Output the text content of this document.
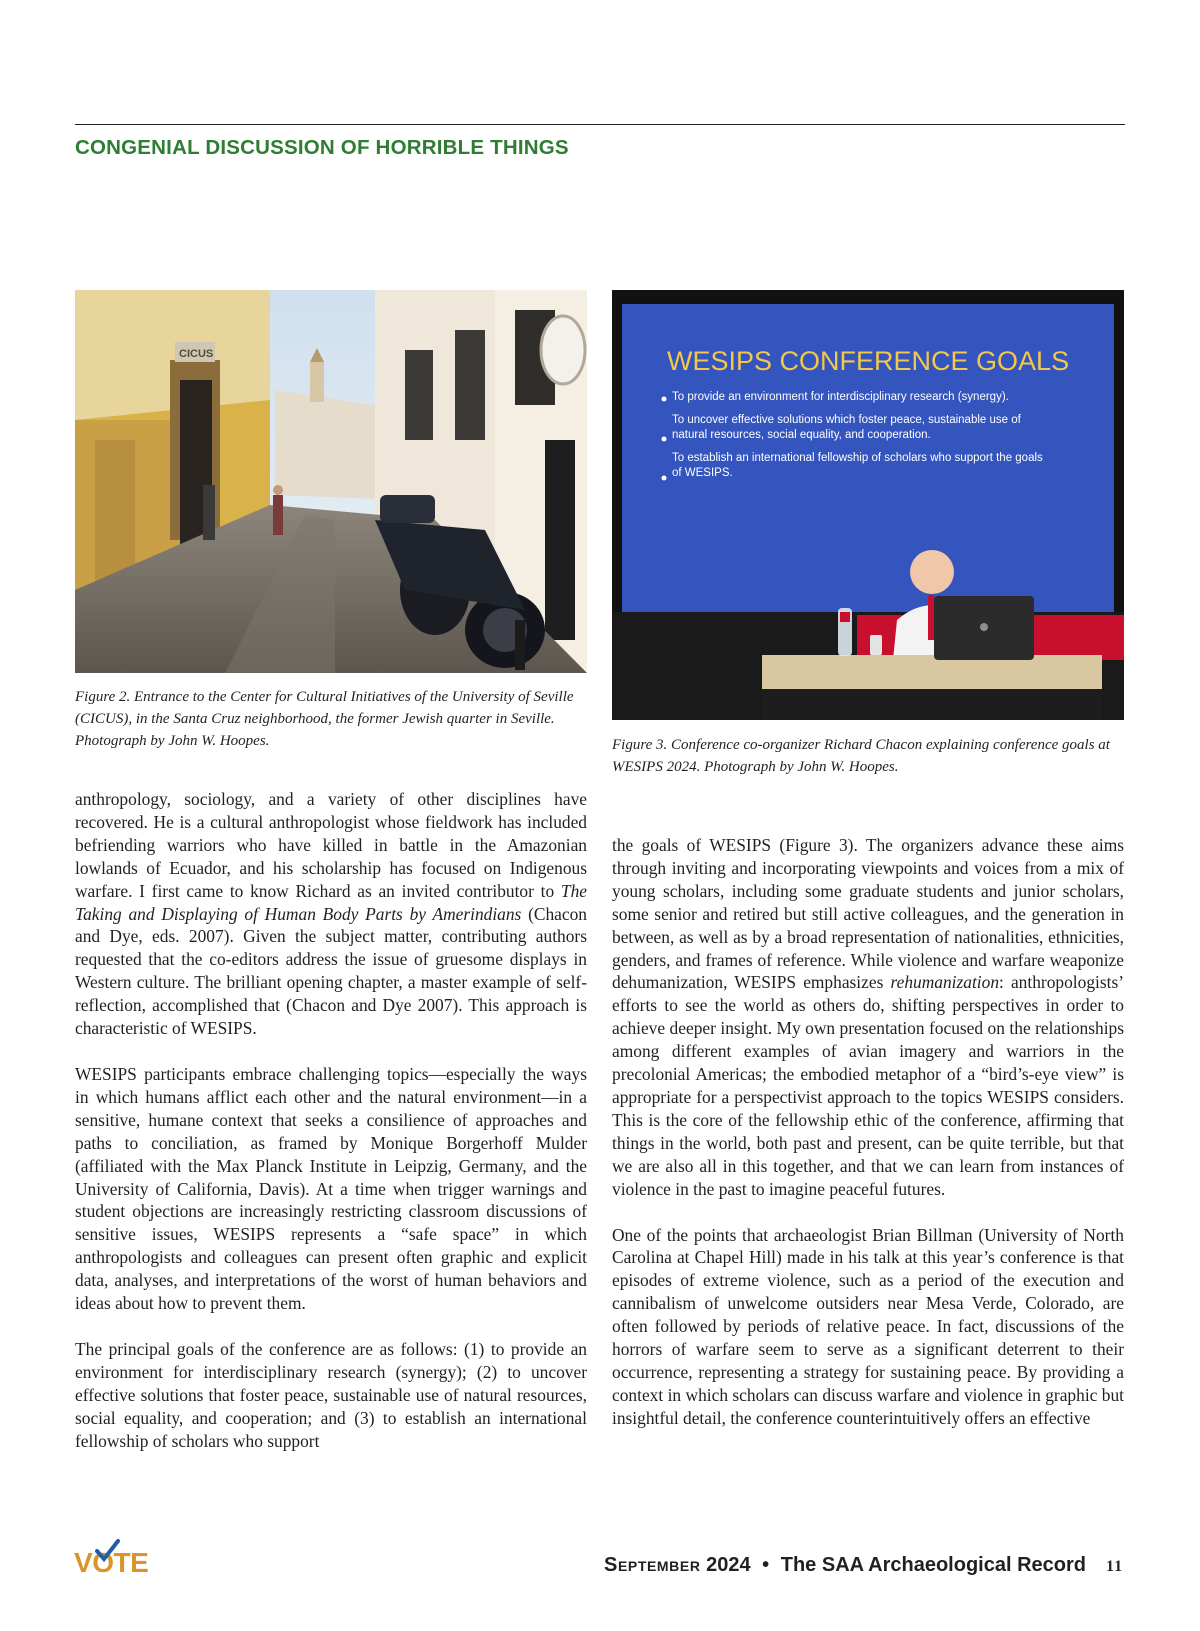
CONGENIAL DISCUSSION OF HORRIBLE THINGS
CICUS
Figure 2. Entrance to the Center for Cultural Initiatives of the University of Seville (CICUS), in the Santa Cruz neighborhood, the former Jewish quarter in Seville. Photograph by John W. Hoopes.
WESIPS CONFERENCE GOALS
To provide an environment for interdisciplinary research (synergy).
To uncover effective solutions which foster peace, sustainable use of natural resources, social equality, and cooperation.
To establish an international fellowship of scholars who support the goals of WESIPS.
Figure 3. Conference co-organizer Richard Chacon explaining conference goals at WESIPS 2024. Photograph by John W. Hoopes.

anthropology, sociology, and a variety of other disciplines have recovered. He is a cultural anthropologist whose fieldwork has included befriending warriors who have killed in battle in the Amazonian lowlands of Ecuador, and his scholarship has focused on Indigenous warfare. I first came to know Richard as an invited contributor to The Taking and Displaying of Human Body Parts by Amerindians (Chacon and Dye, eds. 2007). Given the subject matter, contributing authors requested that the co-editors address the issue of gruesome displays in Western culture. The brilliant opening chapter, a master example of self-reflection, accomplished that (Chacon and Dye 2007). This approach is characteristic of WESIPS.

WESIPS participants embrace challenging topics—especially the ways in which humans afflict each other and the natural environment—in a sensitive, humane context that seeks a consilience of approaches and paths to conciliation, as framed by Monique Borgerhoff Mulder (affiliated with the Max Planck Institute in Leipzig, Germany, and the University of California, Davis). At a time when trigger warnings and student objections are increasingly restricting classroom discussions of sensitive issues, WESIPS represents a “safe space” in which anthropologists and colleagues can present often graphic and explicit data, analyses, and interpretations of the worst of human behaviors and ideas about how to prevent them.

The principal goals of the conference are as follows: (1) to provide an environment for interdisciplinary research (synergy); (2) to uncover effective solutions that foster peace, sustainable use of natural resources, social equality, and cooperation; and (3) to establish an international fellowship of scholars who support

the goals of WESIPS (Figure 3). The organizers advance these aims through inviting and incorporating viewpoints and voices from a mix of young scholars, including some graduate students and junior scholars, some senior and retired but still active colleagues, and the generation in between, as well as by a broad representation of nationalities, ethnicities, genders, and frames of reference. While violence and warfare weaponize dehumanization, WESIPS emphasizes rehumanization: anthropologists’ efforts to see the world as others do, shifting perspectives in order to achieve deeper insight. My own presentation focused on the relationships among different examples of avian imagery and warriors in the precolonial Americas; the embodied metaphor of a “bird’s-eye view” is appropriate for a perspectivist approach to the topics WESIPS considers. This is the core of the fellowship ethic of the conference, affirming that things in the world, both past and present, can be quite terrible, but that we are also all in this together, and that we can learn from instances of violence in the past to imagine peaceful futures.

One of the points that archaeologist Brian Billman (University of North Carolina at Chapel Hill) made in his talk at this year’s conference is that episodes of extreme violence, such as a period of the execution and cannibalism of unwelcome outsiders near Mesa Verde, Colorado, are often followed by periods of relative peace. In fact, discussions of the horrors of warfare seem to serve as a significant deterrent to their occurrence, representing a strategy for sustaining peace. By providing a context in which scholars can discuss warfare and violence in graphic but insightful detail, the conference counterintuitively offers an effective

VO
TE	September 2024 • The SAA Archaeological Record 11
